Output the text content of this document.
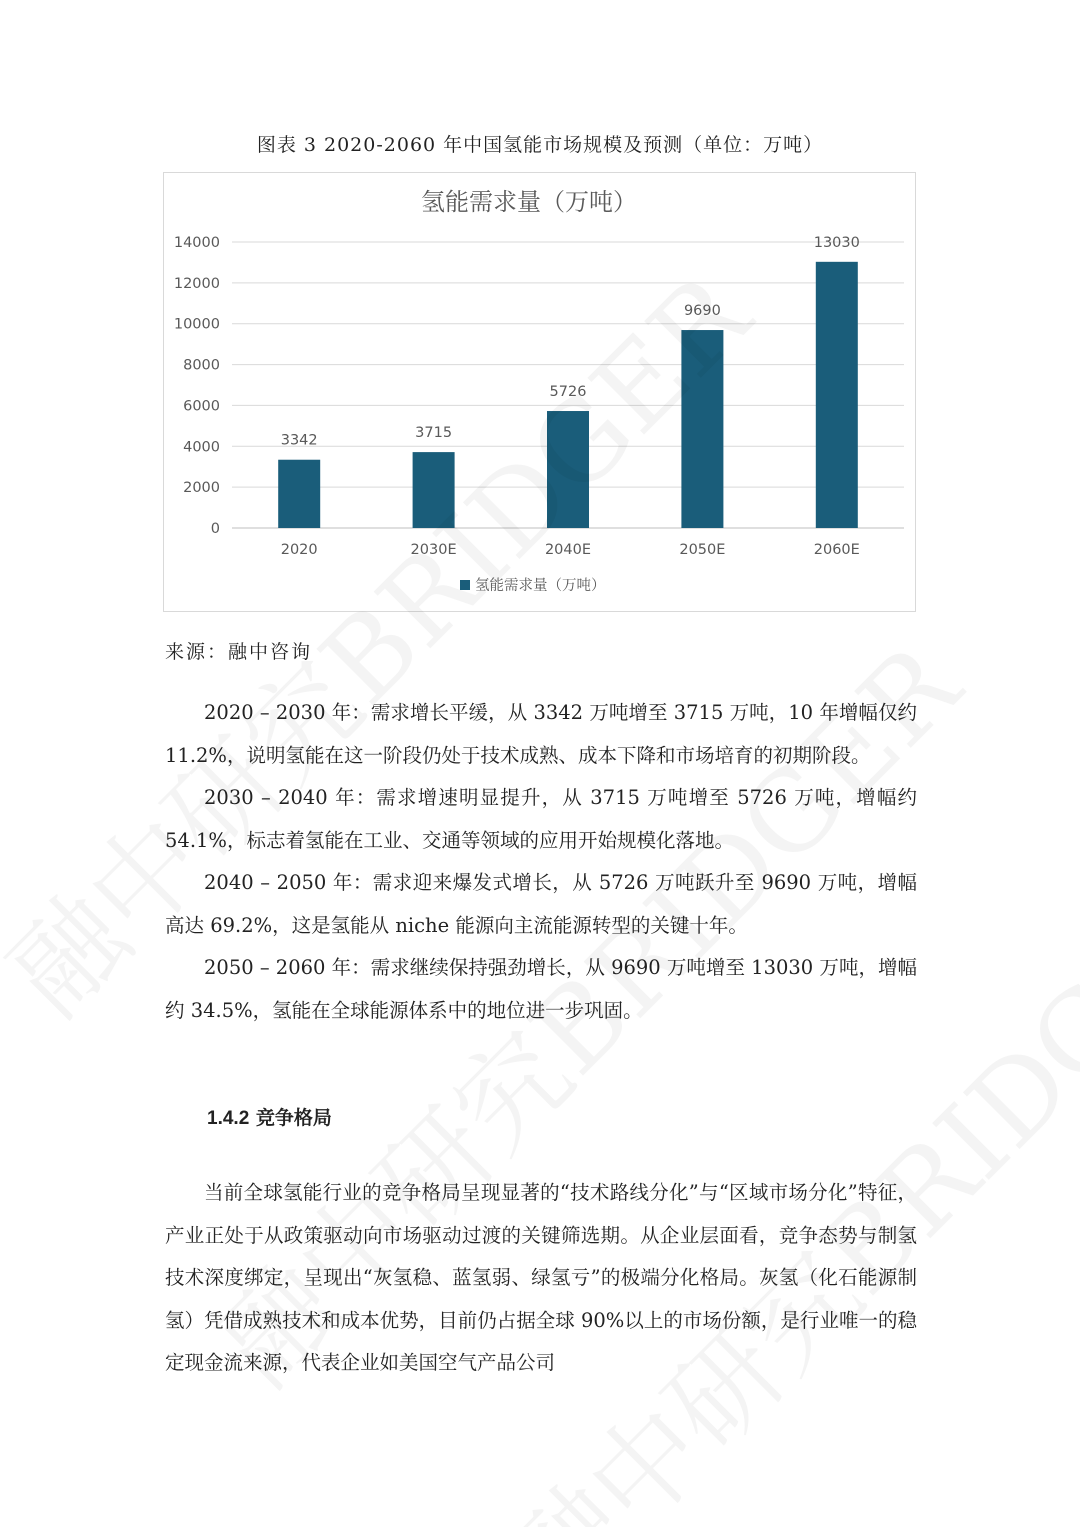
图表 3 2020-2060 年中国氢能市场规模及预测（单位：万吨）
氢能需求量（万吨）
0
2000
4000
6000
8000
10000
12000
14000
3342
2020
3715
2030E
5726
2040E
9690
2050E
13030
2060E
氢能需求量（万吨）
来源：融中咨询

2020 – 2030 年：需求增长平缓，从 3342 万吨增至 3715 万吨，10 年增幅仅约 11.2%，说明氢能在这一阶段仍处于技术成熟、成本下降和市场培育的初期阶段。

2030 – 2040 年：需求增速明显提升，从 3715 万吨增至 5726 万吨，增幅约 54.1%，标志着氢能在工业、交通等领域的应用开始规模化落地。

2040 – 2050 年：需求迎来爆发式增长，从 5726 万吨跃升至 9690 万吨，增幅高达 69.2%，这是氢能从 niche 能源向主流能源转型的关键十年。

2050 – 2060 年：需求继续保持强劲增长，从 9690 万吨增至 13030 万吨，增幅约 34.5%，氢能在全球能源体系中的地位进一步巩固。

1.4.2 竞争格局

当前全球氢能行业的竞争格局呈现显著的“技术路线分化”与“区域市场分化”特征，产业正处于从政策驱动向市场驱动过渡的关键筛选期。从企业层面看，竞争态势与制氢技术深度绑定，呈现出“灰氢稳、蓝氢弱、绿氢亏”的极端分化格局。灰氢（化石能源制氢）凭借成熟技术和成本优势，目前仍占据全球 90%以上的市场份额，是行业唯一的稳定现金流来源，代表企业如美国空气产品公司
